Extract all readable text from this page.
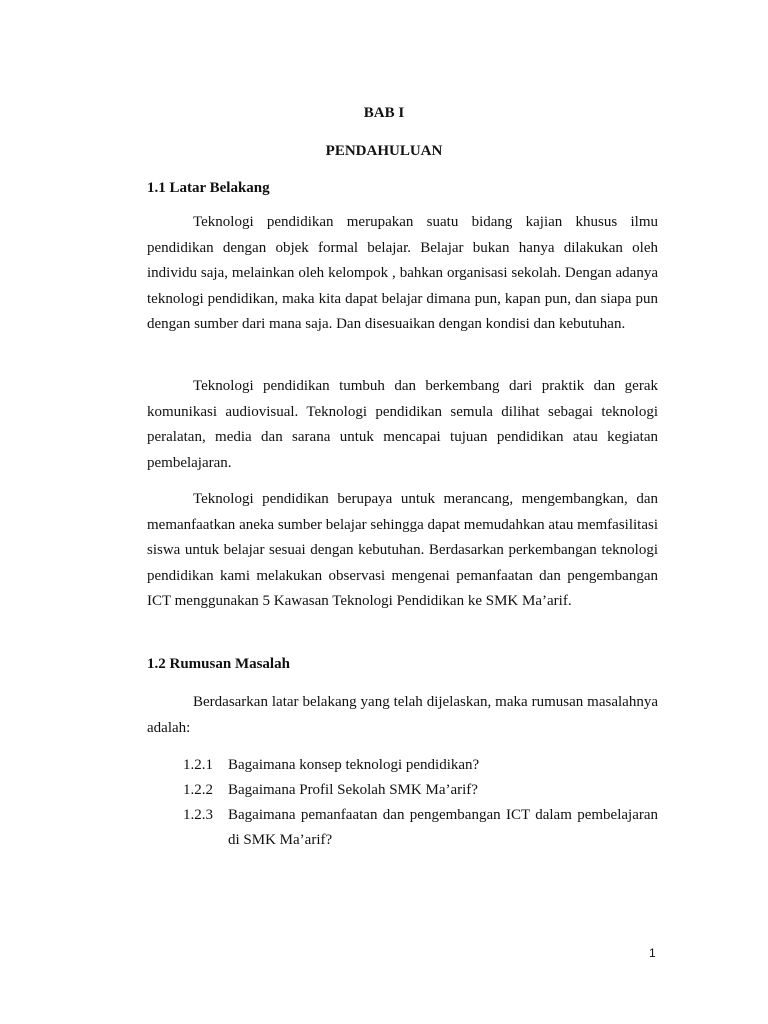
BAB I
PENDAHULUAN
1.1 Latar Belakang

Teknologi pendidikan merupakan suatu bidang kajian khusus ilmu pendidikan dengan objek formal belajar. Belajar bukan hanya dilakukan oleh individu saja, melainkan oleh kelompok , bahkan organisasi sekolah. Dengan adanya teknologi pendidikan, maka kita dapat belajar dimana pun, kapan pun, dan siapa pun dengan sumber dari mana saja. Dan disesuaikan dengan kondisi dan kebutuhan.

Teknologi pendidikan tumbuh dan berkembang dari praktik dan gerak komunikasi audiovisual. Teknologi pendidikan semula dilihat sebagai teknologi peralatan, media dan sarana untuk mencapai tujuan pendidikan atau kegiatan pembelajaran.

Teknologi pendidikan berupaya untuk merancang, mengembangkan, dan memanfaatkan aneka sumber belajar sehingga dapat memudahkan atau memfasilitasi siswa untuk belajar sesuai dengan kebutuhan. Berdasarkan perkembangan teknologi pendidikan kami melakukan observasi mengenai pemanfaatan dan pengembangan ICT menggunakan 5 Kawasan Teknologi Pendidikan ke SMK Ma’arif.

1.2 Rumusan Masalah

Berdasarkan latar belakang yang telah dijelaskan, maka rumusan masalahnya adalah:

1.2.1	Bagaimana konsep teknologi pendidikan?
1.2.2	Bagaimana Profil Sekolah SMK Ma’arif?
1.2.3	Bagaimana pemanfaatan dan pengembangan ICT dalam pembelajaran di SMK Ma’arif?
1
